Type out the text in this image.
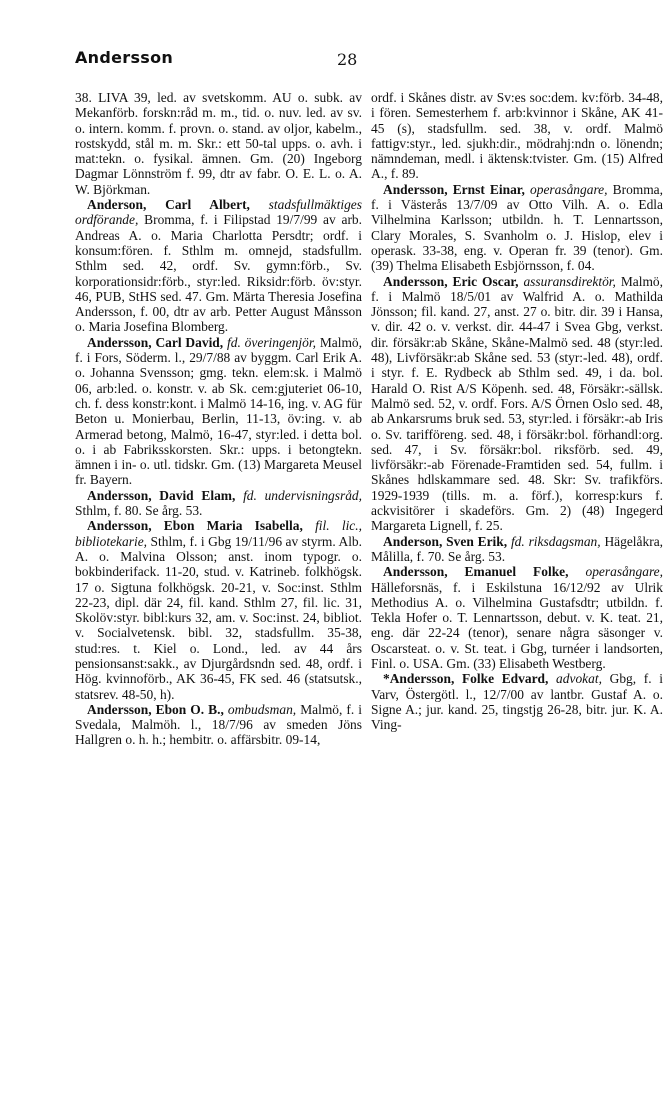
Andersson	28

38. LIVA 39, led. av svetskomm. AU o. subk. av Mekanförb. forskn:råd m. m., tid. o. nuv. led. av sv. o. intern. komm. f. provn. o. stand. av oljor, kabelm., rostskydd, stål m. m. Skr.: ett 50-tal upps. o. avh. i mat:tekn. o. fysikal. ämnen. Gm. (20) Ingeborg Dagmar Lönnström f. 99, dtr av fabr. O. E. L. o. A. W. Björkman.

Anderson, Carl Albert, stadsfullmäktiges ordförande, Bromma, f. i Filipstad 19/7/99 av arb. Andreas A. o. Maria Charlotta Persdtr; ordf. i konsum:fören. f. Sthlm m. omnejd, stadsfullm. Sthlm sed. 42, ordf. Sv. gymn:förb., Sv. korporationsidr:förb., styr:led. Riksidr:förb. öv:styr. 46, PUB, StHS sed. 47. Gm. Märta Theresia Josefina Andersson, f. 00, dtr av arb. Petter August Månsson o. Maria Josefina Blomberg.

Andersson, Carl David, fd. överingenjör, Malmö, f. i Fors, Söderm. l., 29/7/88 av byggm. Carl Erik A. o. Johanna Svensson; gmg. tekn. elem:sk. i Malmö 06, arb:led. o. konstr. v. ab Sk. cem:gjuteriet 06-10, ch. f. dess konstr:kont. i Malmö 14-16, ing. v. AG für Beton u. Monierbau, Berlin, 11-13, öv:ing. v. ab Armerad betong, Malmö, 16-47, styr:led. i detta bol. o. i ab Fabriksskorsten. Skr.: upps. i betongtekn. ämnen i in- o. utl. tidskr. Gm. (13) Margareta Meusel fr. Bayern.

Andersson, David Elam, fd. undervisningsråd, Sthlm, f. 80. Se årg. 53.

Andersson, Ebon Maria Isabella, fil. lic., bibliotekarie, Sthlm, f. i Gbg 19/11/96 av styrm. Alb. A. o. Malvina Olsson; anst. inom typogr. o. bokbinderifack. 11-20, stud. v. Katrineb. folkhögsk. 17 o. Sigtuna folkhögsk. 20-21, v. Soc:inst. Sthlm 22-23, dipl. där 24, fil. kand. Sthlm 27, fil. lic. 31, Skolöv:styr. bibl:kurs 32, am. v. Soc:inst. 24, bibliot. v. Socialvetensk. bibl. 32, stadsfullm. 35-38, stud:res. t. Kiel o. Lond., led. av 44 års pensionsanst:sakk., av Djurgårdsndn sed. 48, ordf. i Hög. kvinnoförb., AK 36-45, FK sed. 46 (statsutsk., statsrev. 48-50, h).

Andersson, Ebon O. B., ombudsman, Malmö, f. i Svedala, Malmöh. l., 18/7/96 av smeden Jöns Hallgren o. h. h.; hembitr. o. affärsbitr. 09-14,

ordf. i Skånes distr. av Sv:es soc:dem. kv:förb. 34-48, i fören. Semesterhem f. arb:kvinnor i Skåne, AK 41-45 (s), stadsfullm. sed. 38, v. ordf. Malmö fattigv:styr., led. sjukh:dir., mödrahj:ndn o. lönendn; nämndeman, medl. i äktensk:tvister. Gm. (15) Alfred A., f. 89.

Andersson, Ernst Einar, operasångare, Bromma, f. i Västerås 13/7/09 av Otto Vilh. A. o. Edla Vilhelmina Karlsson; utbildn. h. T. Lennartsson, Clary Morales, S. Svanholm o. J. Hislop, elev i operask. 33-38, eng. v. Operan fr. 39 (tenor). Gm. (39) Thelma Elisabeth Esbjörnsson, f. 04.

Andersson, Eric Oscar, assuransdirektör, Malmö, f. i Malmö 18/5/01 av Walfrid A. o. Mathilda Jönsson; fil. kand. 27, anst. 27 o. bitr. dir. 39 i Hansa, v. dir. 42 o. v. verkst. dir. 44-47 i Svea Gbg, verkst. dir. försäkr:ab Skåne, Skåne-Malmö sed. 48 (styr:led. 48), Livförsäkr:ab Skåne sed. 53 (styr:-led. 48), ordf. i styr. f. E. Rydbeck ab Sthlm sed. 49, i da. bol. Harald O. Rist A/S Köpenh. sed. 48, Försäkr:-sällsk. Malmö sed. 52, v. ordf. Fors. A/S Örnen Oslo sed. 48, ab Ankarsrums bruk sed. 53, styr:led. i försäkr:-ab Iris o. Sv. tarifföreng. sed. 48, i försäkr:bol. förhandl:org. sed. 47, i Sv. försäkr:bol. riksförb. sed. 49, livförsäkr:-ab Förenade-Framtiden sed. 54, fullm. i Skånes hdlskammare sed. 48. Skr: Sv. trafikförs. 1929-1939 (tills. m. a. förf.), korresp:kurs f. ackvisitörer i skadeförs. Gm. 2) (48) Ingegerd Margareta Lignell, f. 25.

Anderson, Sven Erik, fd. riksdagsman, Hägelåkra, Målilla, f. 70. Se årg. 53.

Andersson, Emanuel Folke, operasångare, Hälleforsnäs, f. i Eskilstuna 16/12/92 av Ulrik Methodius A. o. Vilhelmina Gustafsdtr; utbildn. f. Tekla Hofer o. T. Lennartsson, debut. v. K. teat. 21, eng. där 22-24 (tenor), senare några säsonger v. Oscarsteat. o. v. St. teat. i Gbg, turnéer i landsorten, Finl. o. USA. Gm. (33) Elisabeth Westberg.

*Andersson, Folke Edvard, advokat, Gbg, f. i Varv, Östergötl. l., 12/7/00 av lantbr. Gustaf A. o. Signe A.; jur. kand. 25, tingstjg 26-28, bitr. jur. K. A. Ving-
